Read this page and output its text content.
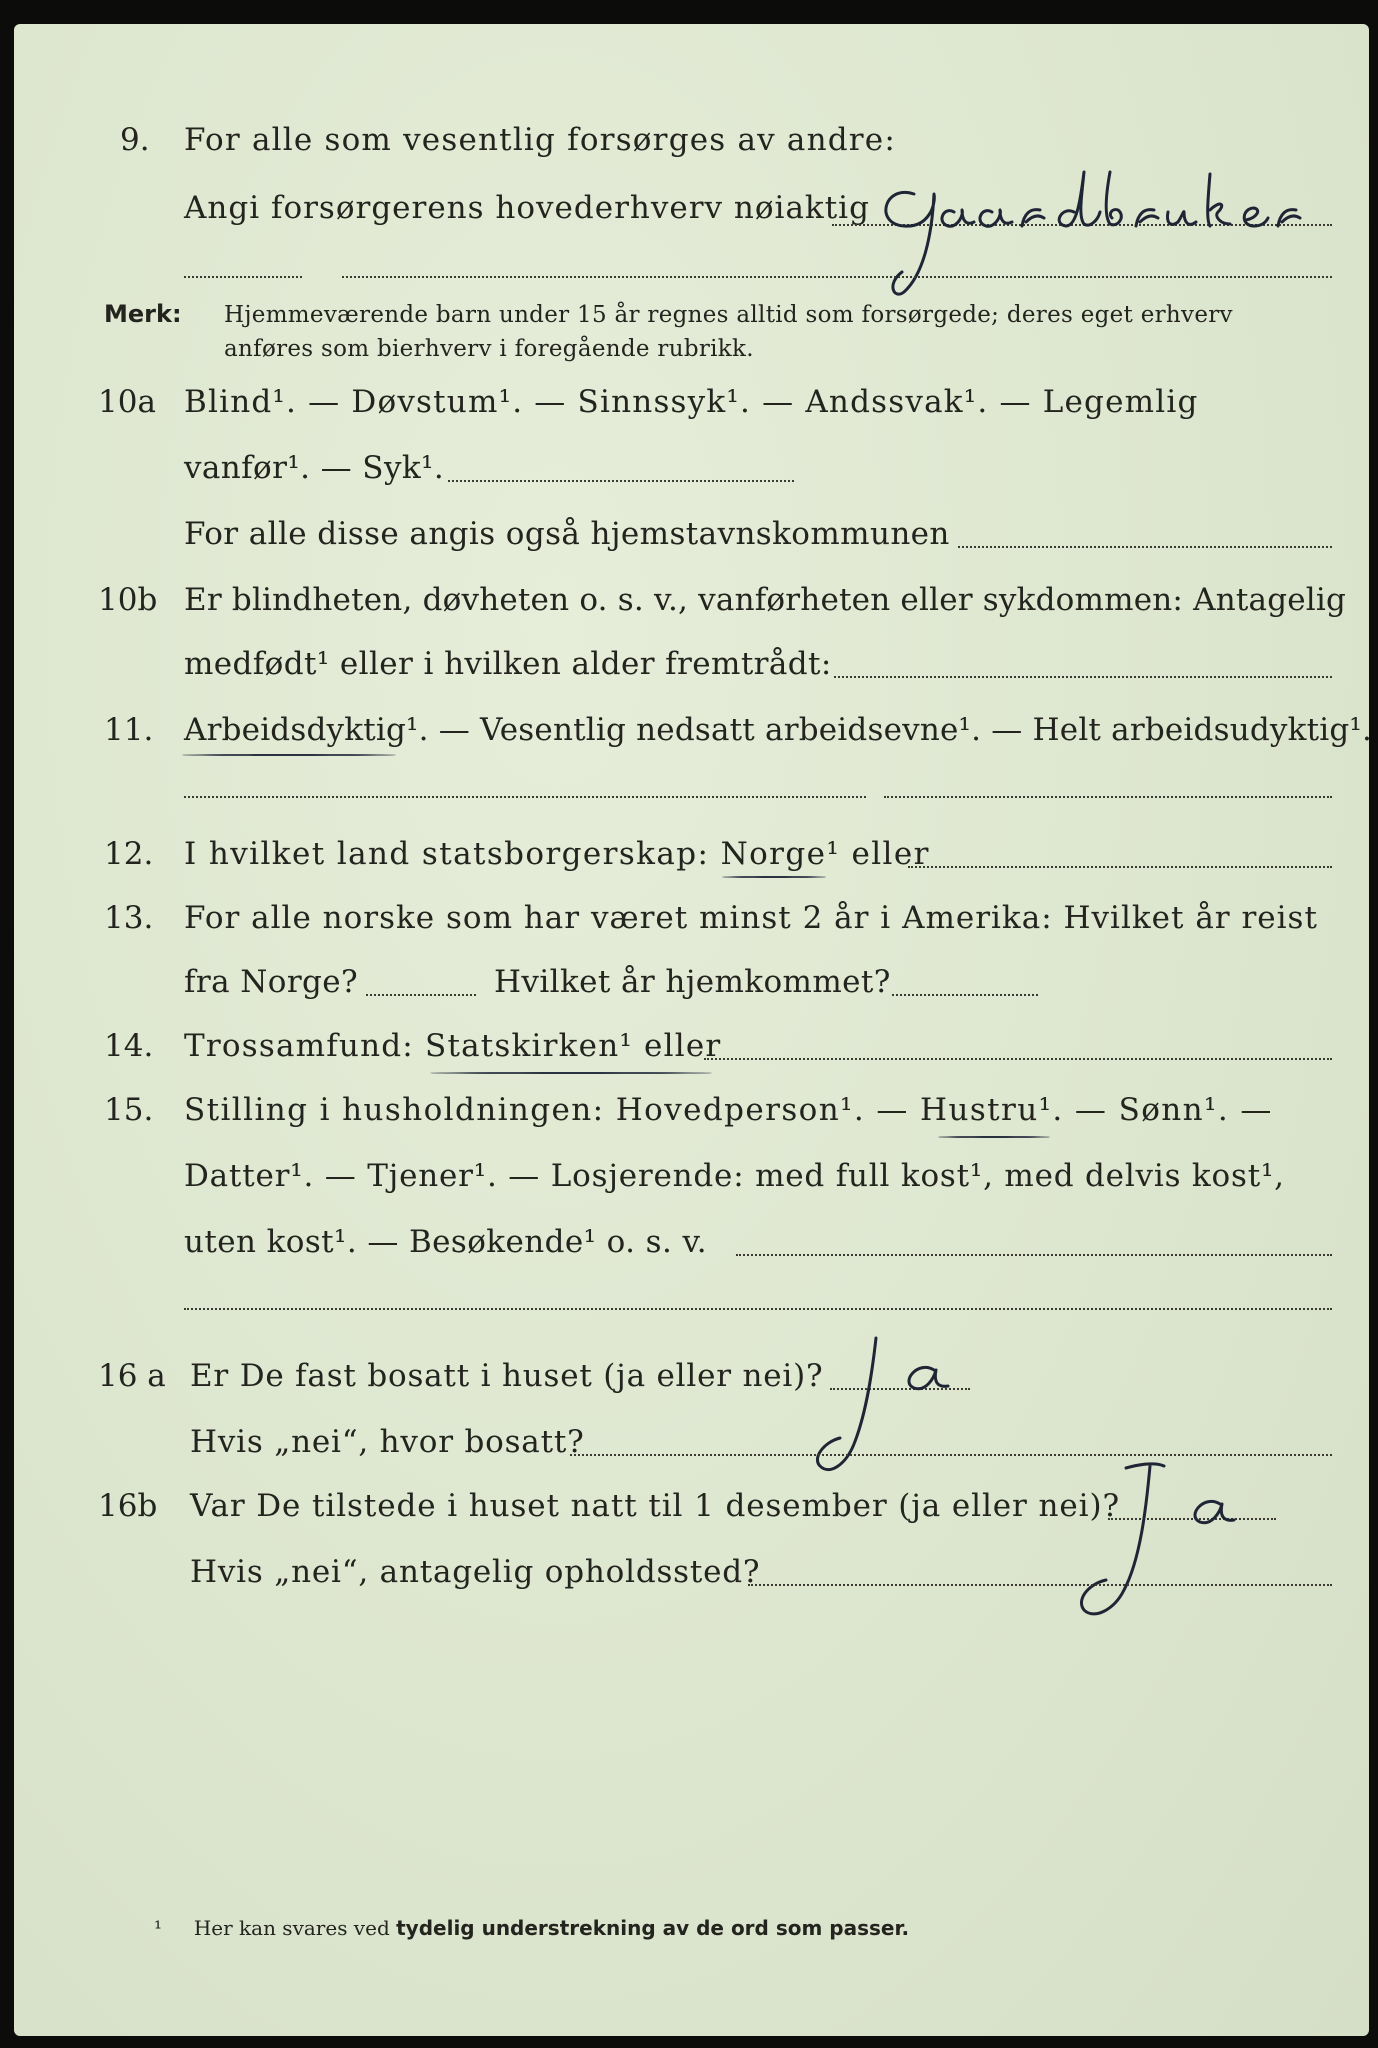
9. For alle som vesentlig forsørges av andre:
Angi forsørgerens hovederhverv nøiaktig
Merk: Hjemmeværende barn under 15 år regnes alltid som forsørgede; deres eget erhverv
anføres som bierhverv i foregående rubrikk.
10a Blind¹. — Døvstum¹. — Sinnssyk¹. — Andssvak¹. — Legemlig
vanfør¹. — Syk¹.
For alle disse angis også hjemstavnskommunen
10b Er blindheten, døvheten o. s. v., vanførheten eller sykdommen: Antagelig
medfødt¹ eller i hvilken alder fremtrådt:
11. Arbeidsdyktig¹. — Vesentlig nedsatt arbeidsevne¹. — Helt arbeidsudyktig¹.
12. I hvilket land statsborgerskap: Norge¹ eller
13. For alle norske som har været minst 2 år i Amerika: Hvilket år reist
fra Norge?	Hvilket år hjemkommet?
14. Trossamfund: Statskirken¹ eller
15. Stilling i husholdningen: Hovedperson¹. — Hustru¹. — Sønn¹. —
Datter¹. — Tjener¹. — Losjerende: med full kost¹, med delvis kost¹,
uten kost¹. — Besøkende¹ o. s. v.
16 a Er De fast bosatt i huset (ja eller nei)?
Hvis „nei“, hvor bosatt?
16b Var De tilstede i huset natt til 1 desember (ja eller nei)?
Hvis „nei“, antagelig opholdssted?
¹ Her kan svares ved tydelig understrekning av de ord som passer.
